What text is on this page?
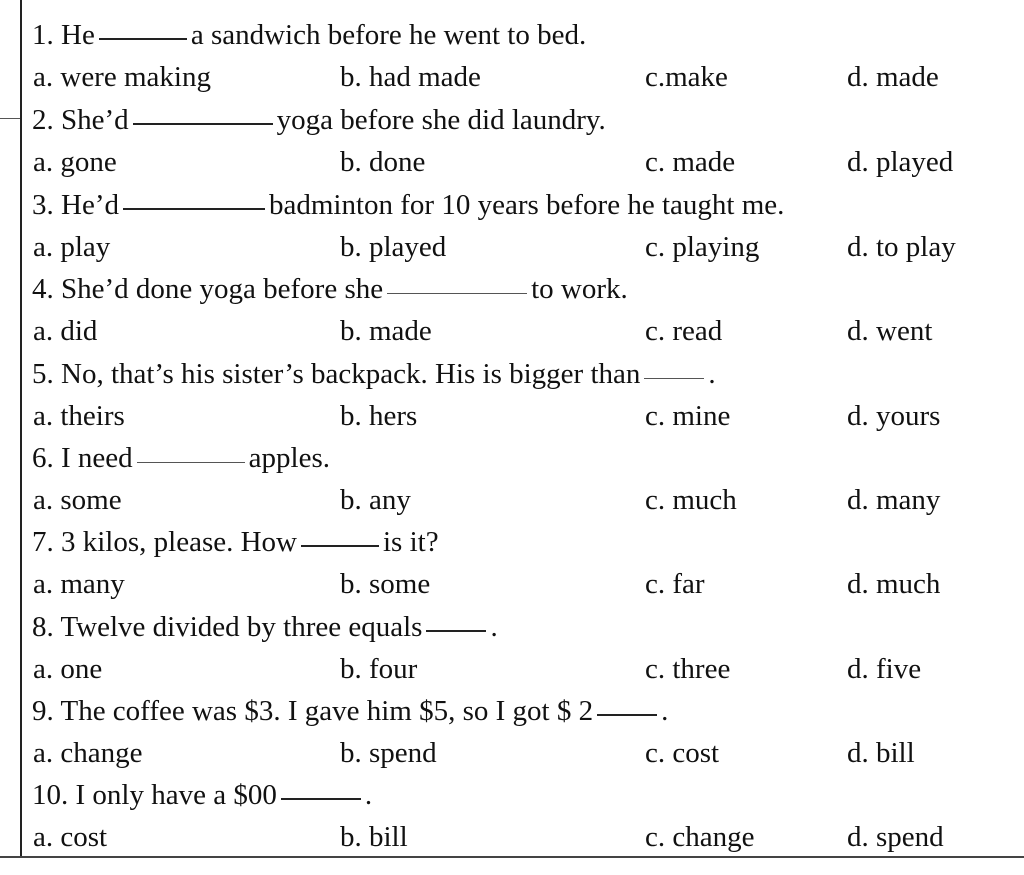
1. He	a sandwich before he went to bed.
a. were making	b. had made	c.make	d. made
2. She’d	yoga before she did laundry.
a. gone	b. done	c. made	d. played
3. He’d	badminton for 10 years before he taught me.
a. play	b. played	c. playing	d. to play
4. She’d done yoga before she	to work.
a. did	b. made	c. read	d. went
5. No, that’s his sister’s backpack. His is bigger than .
a. theirs	b. hers	c. mine	d. yours
6. I need	apples.
a. some	b. any	c. much	d. many
7. 3 kilos, please. How	is it?
a. many	b. some	c. far	d. much
8. Twelve divided by three equals .
a. one	b. four	c. three	d. five
9. The coffee was $3. I gave him $5, so I got $ 2 .
a. change	b. spend	c. cost	d. bill
10. I only have a $00	.
a. cost	b. bill	c. change	d. spend
